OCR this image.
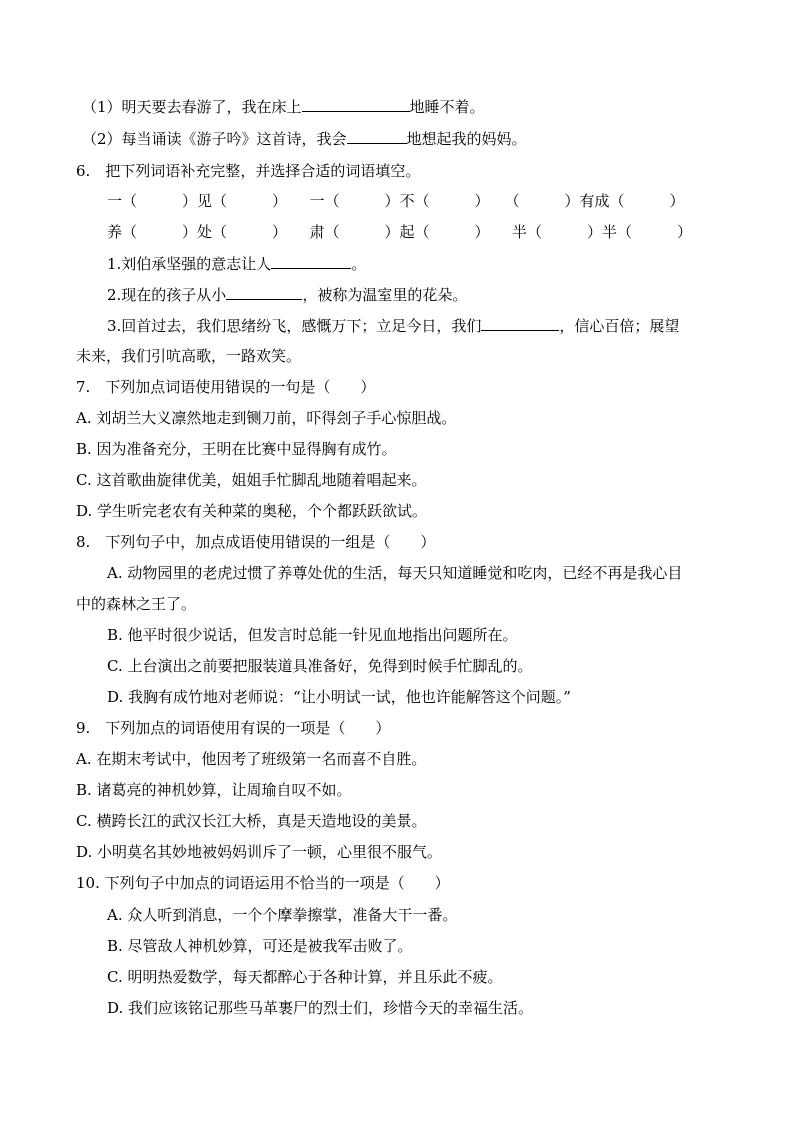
（1）明天要去春游了，我在床上	地睡不着。
（2）每当诵读《游子吟》这首诗，我会	地想起我的妈妈。
6.　把下列词语补充完整，并选择合适的词语填空。
一（　　　）见（　　　）　　一（　　　）不（　　　）　　（　　　）有成（　　　）
养（　　　）处（　　　）　　肃（　　　）起（　　　）　　半（　　　）半（　　　）
1.刘伯承坚强的意志让人	。
2.现在的孩子从小	，被称为温室里的花朵。
3.回首过去，我们思绪纷飞，感慨万下；立足今日，我们	，信心百倍；展望
未来，我们引吭高歌，一路欢笑。
7.　下列加点词语使用错误的一句是（　　）
A. 刘胡兰大义凛然地走到铡刀前，吓得刽子手心惊胆战。
B. 因为准备充分，王明在比赛中显得胸有成竹。
C. 这首歌曲旋律优美，姐姐手忙脚乱地随着唱起来。
D. 学生听完老农有关种菜的奥秘，个个都跃跃欲试。
8.　下列句子中，加点成语使用错误的一组是（　　）
A. 动物园里的老虎过惯了养尊处优的生活，每天只知道睡觉和吃肉，已经不再是我心目
中的森林之王了。
B. 他平时很少说话，但发言时总能一针见血地指出问题所在。
C. 上台演出之前要把服装道具准备好，免得到时候手忙脚乱的。
D. 我胸有成竹地对老师说：“让小明试一试，他也许能解答这个问题。”
9.　下列加点的词语使用有误的一项是（　　）
A. 在期末考试中，他因考了班级第一名而喜不自胜。
B. 诸葛亮的神机妙算，让周瑜自叹不如。
C. 横跨长江的武汉长江大桥，真是天造地设的美景。
D. 小明莫名其妙地被妈妈训斥了一顿，心里很不服气。
10. 下列句子中加点的词语运用不恰当的一项是（　　）
A. 众人听到消息，一个个摩拳擦掌，准备大干一番。
B. 尽管敌人神机妙算，可还是被我军击败了。
C. 明明热爱数学，每天都醉心于各种计算，并且乐此不疲。
D. 我们应该铭记那些马革裹尸的烈士们，珍惜今天的幸福生活。
